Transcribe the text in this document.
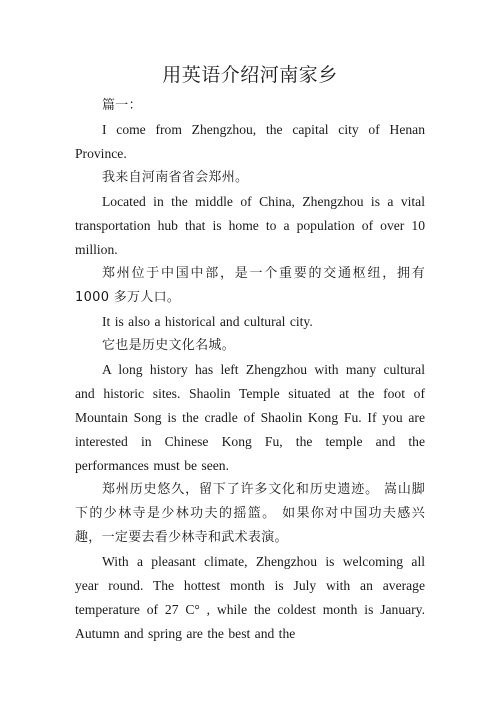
用英语介绍河南家乡

篇一：

I come from Zhengzhou, the capital city of Henan Province.

我来自河南省省会郑州。

Located in the middle of China, Zhengzhou is a vital transportation hub that is home to a population of over 10 million.

郑州位于中国中部，是一个重要的交通枢纽，拥有 1000 多万人口。

It is also a historical and cultural city.

它也是历史文化名城。

A long history has left Zhengzhou with many cultural and historic sites. Shaolin Temple situated at the foot of Mountain Song is the cradle of Shaolin Kong Fu. If you are interested in Chinese Kong Fu, the temple and the performances must be seen.

郑州历史悠久，留下了许多文化和历史遗迹。 嵩山脚下的少林寺是少林功夫的摇篮。 如果你对中国功夫感兴趣，一定要去看少林寺和武术表演。

With a pleasant climate, Zhengzhou is welcoming all year round. The hottest month is July with an average temperature of 27 C° , while the coldest month is January. Autumn and spring are the best and the
